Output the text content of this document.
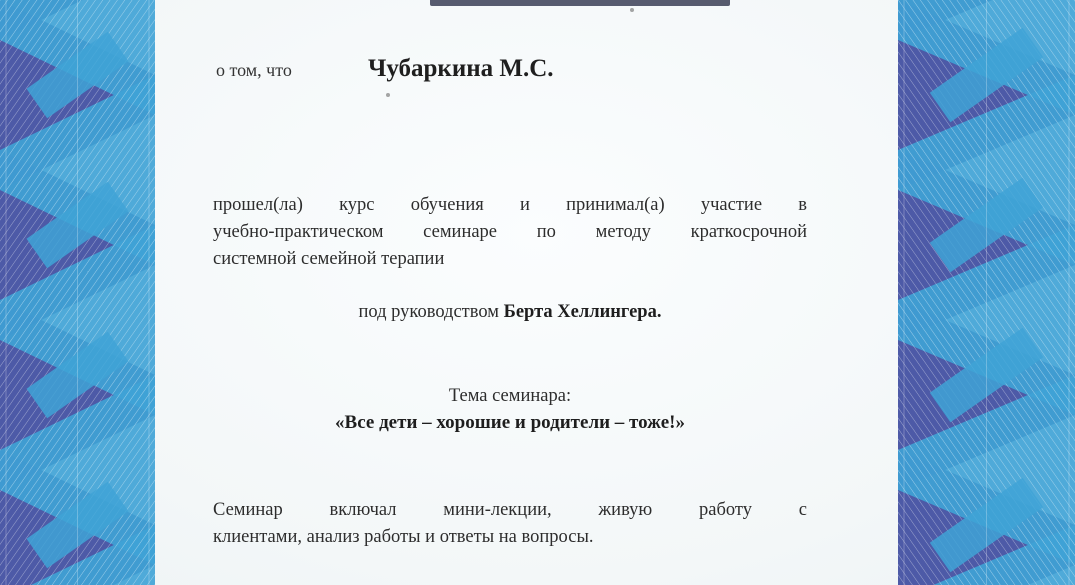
о том, что	Чубаркина М.С.
прошел(ла) курс обучения и принимал(а) участие в
учебно-практическом семинаре по методу краткосрочной
системной семейной терапии
под руководством Берта Хеллингера.
Тема семинара:
«Все дети – хорошие и родители – тоже!»
Семинар включал мини-лекции, живую работу с
клиентами, анализ работы и ответы на вопросы.
